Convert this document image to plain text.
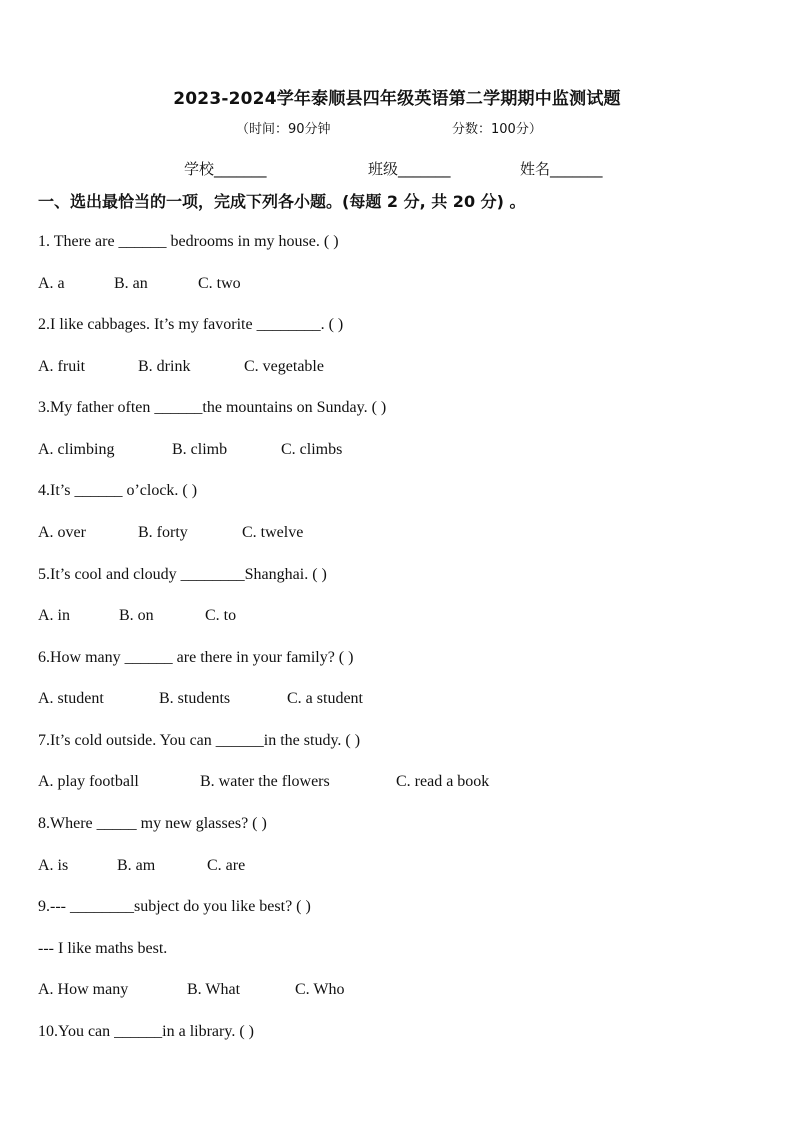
2023-2024学年泰顺县四年级英语第二学期期中监测试题
（时间：90分钟	分数：100分）
学校_______	班级_______	姓名_______
一、选出最恰当的一项，完成下列各小题。(每题 2 分, 共 20 分) 。
1. There are ______ bedrooms in my house. ( )
A. a	B. an	C. two
2.I like cabbages. It’s my favorite ________. ( )
A. fruit	B. drink	C. vegetable
3.My father often ______the mountains on Sunday. ( )
A. climbing	B. climb	C. climbs
4.It’s ______ o’clock. ( )
A. over	B. forty	C. twelve
5.It’s cool and cloudy ________Shanghai. ( )
A. in	B. on	C. to
6.How many ______ are there in your family? ( )
A. student	B. students	C. a student
7.It’s cold outside. You can ______in the study. ( )
A. play football	B. water the flowers	C. read a book
8.Where _____ my new glasses? ( )
A. is	B. am	C. are
9.--- ________subject do you like best? ( )
--- I like maths best.
A. How many	B. What	C. Who
10.You can ______in a library. ( )
